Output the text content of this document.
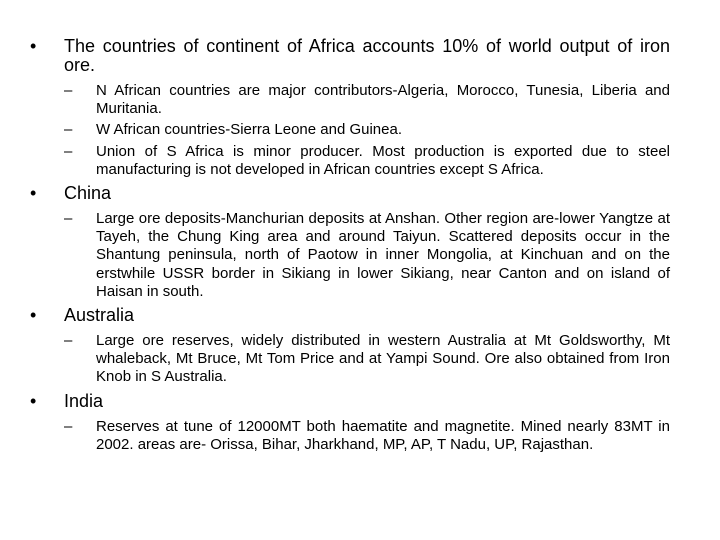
•	The countries of continent of Africa accounts 10% of world output of iron ore.
–	N African countries are major contributors-Algeria, Morocco, Tunesia, Liberia and Muritania.
–	W African countries-Sierra Leone and Guinea.
–	Union of S Africa is minor producer. Most production is exported due to steel manufacturing is not developed in African countries except S Africa.
•	China
–	Large ore deposits-Manchurian deposits at Anshan. Other region are-lower Yangtze at Tayeh, the Chung King area and around Taiyun. Scattered deposits occur in the Shantung peninsula, north of Paotow in inner Mongolia, at Kinchuan and on the erstwhile USSR border in Sikiang in lower Sikiang, near Canton and on island of Haisan in south.
•	Australia
–	Large ore reserves, widely distributed in western Australia at Mt Goldsworthy, Mt whaleback, Mt Bruce, Mt Tom Price and at Yampi Sound. Ore also obtained from Iron Knob in S Australia.
•	India
–	Reserves at tune of 12000MT both haematite and magnetite. Mined nearly 83MT in 2002. areas are- Orissa, Bihar, Jharkhand, MP, AP, T Nadu, UP, Rajasthan.
